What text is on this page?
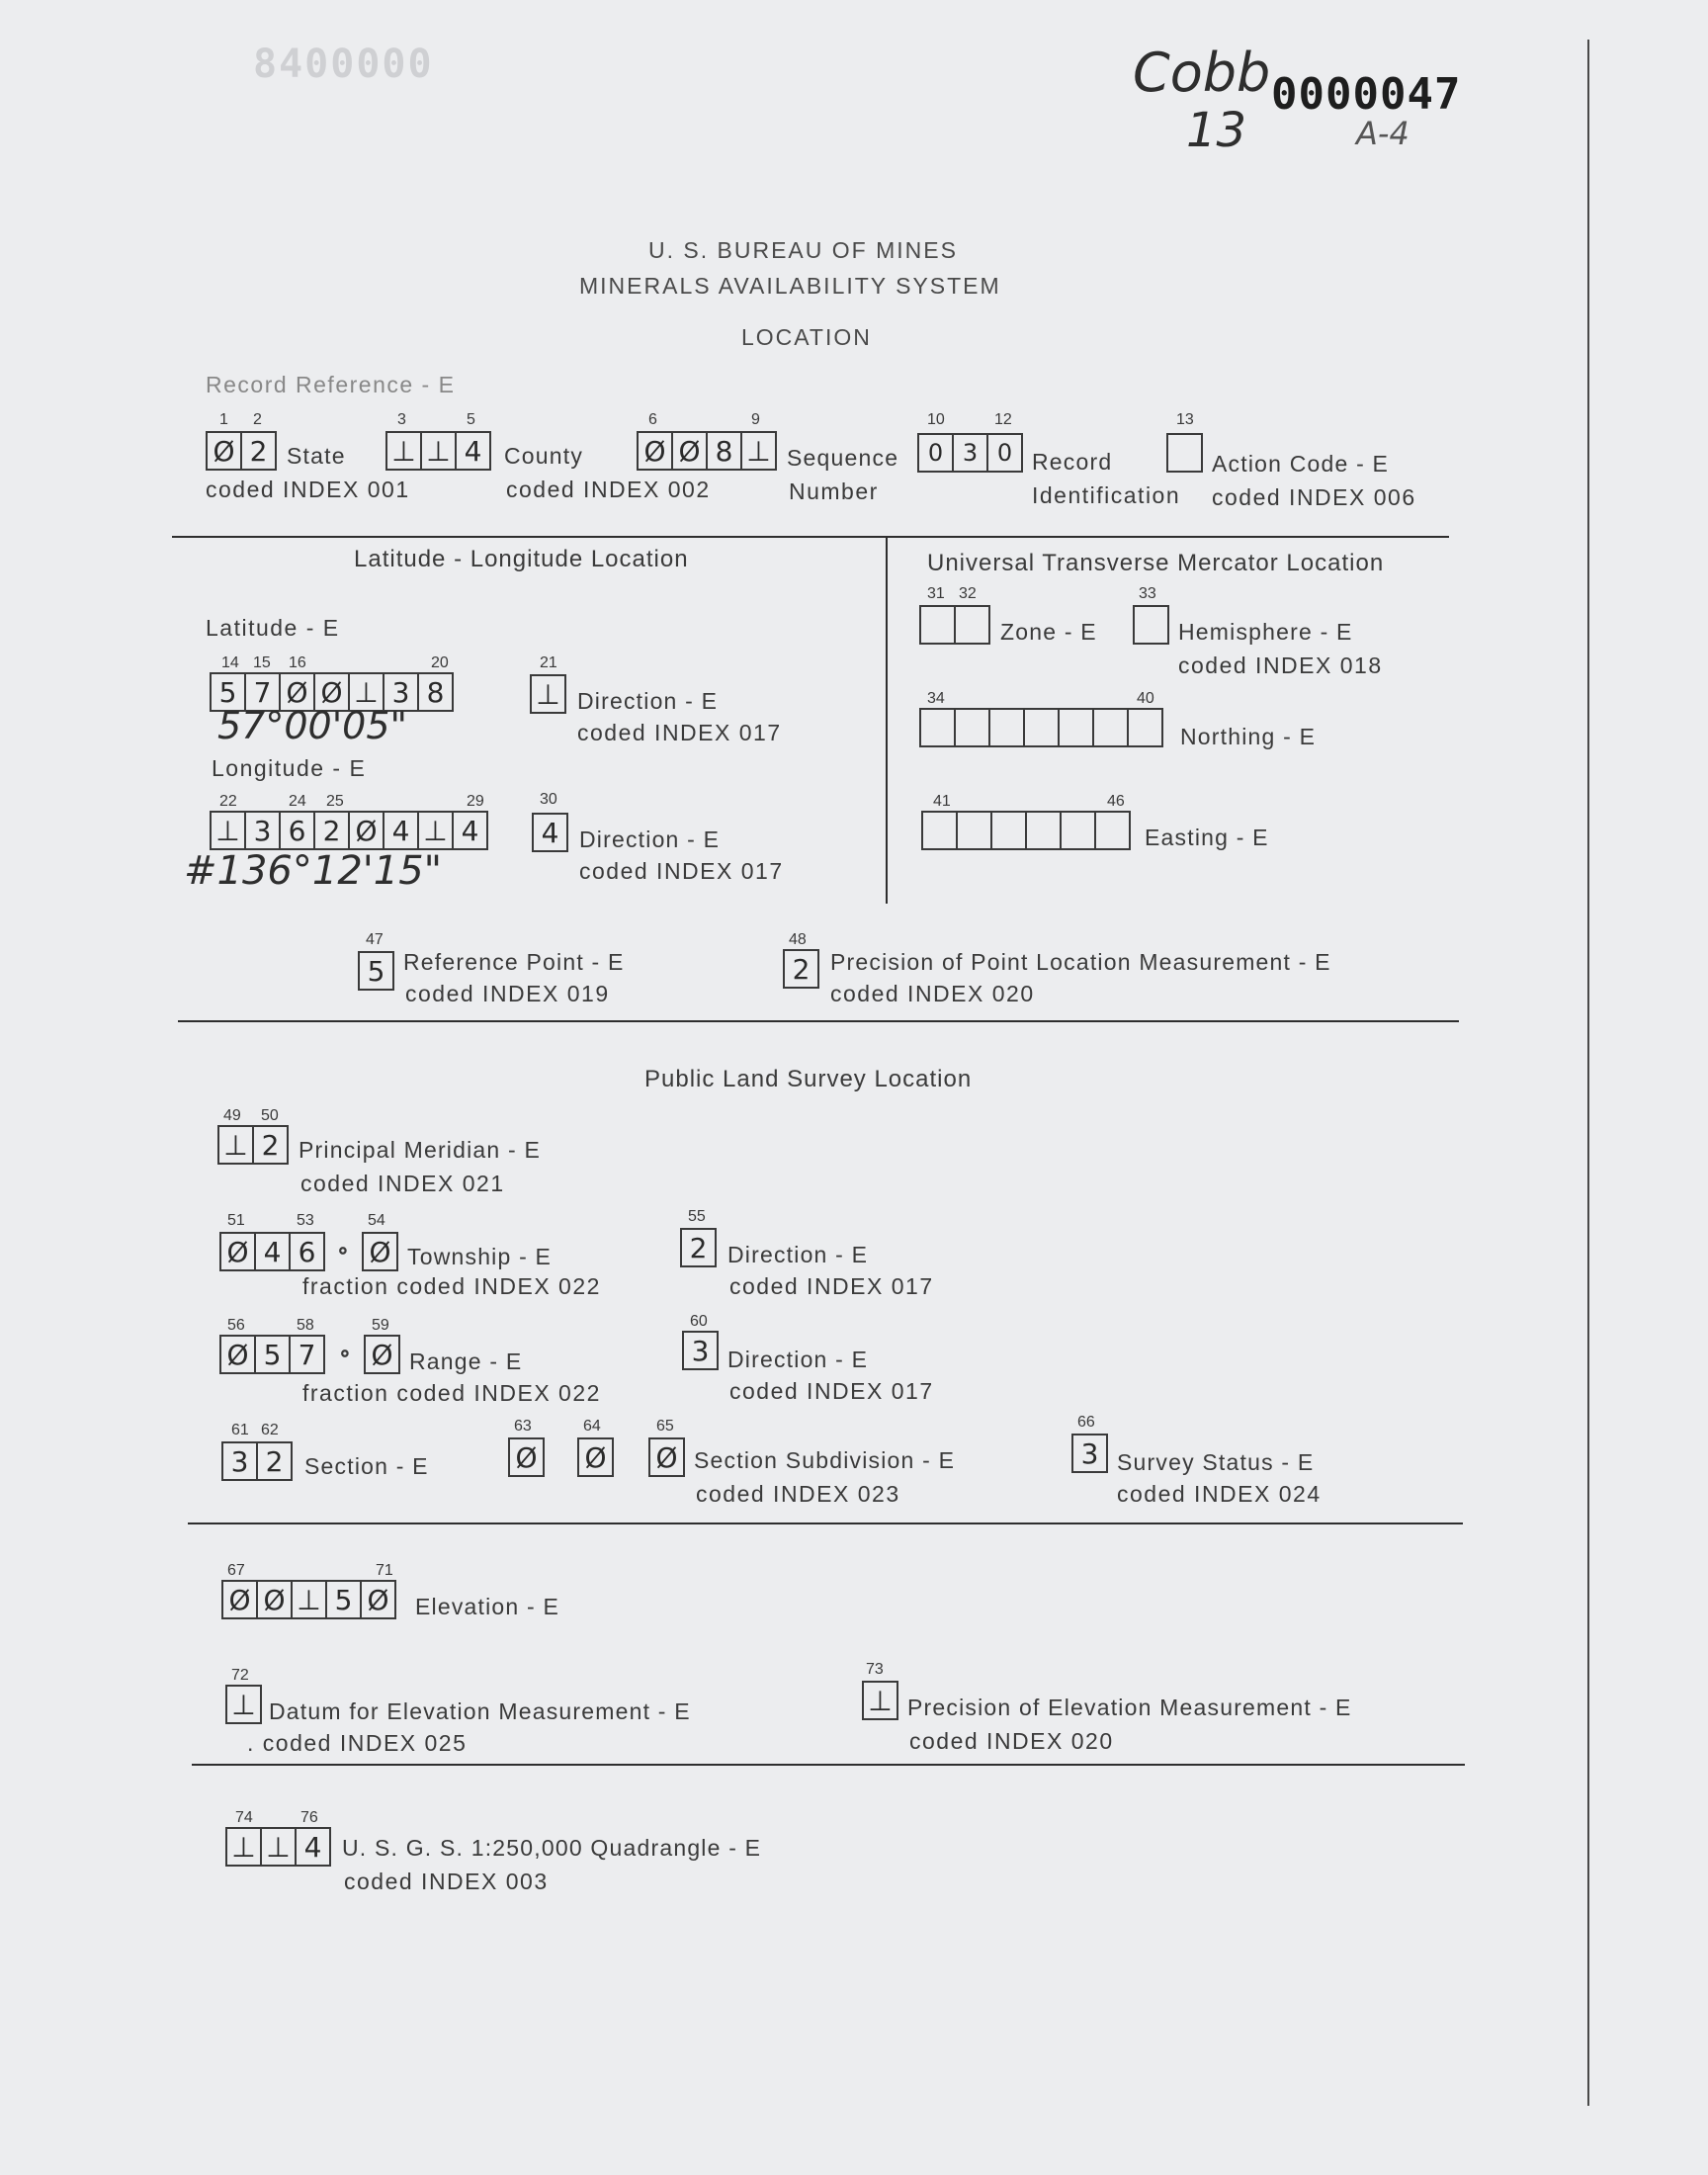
8400000	Cobb 0000047
13	A-4
U. S. BUREAU OF MINES
MINERALS AVAILABILITY SYSTEM
LOCATION
Record Reference - E
1 2
Ø 2 State
coded INDEX 001
3	5
⊥ ⊥ 4 County
coded INDEX 002
6	9
Ø Ø 8 ⊥ Sequence
Number
10	12
0 3 0 Record
Identification
13
Action Code - E
coded INDEX 006
Latitude - Longitude Location
Latitude - E
14 15 16	20
5 7 Ø Ø ⊥ 3 8
57°00'05"
21
⊥ Direction - E
coded INDEX 017
Longitude - E
22	24 25	29
⊥ 3 6 2 Ø 4 ⊥ 4
#136°12'15"
30
4 Direction - E
coded INDEX 017
Universal Transverse Mercator Location
31 32
Zone - E
33
Hemisphere - E
coded INDEX 018
34	40
Northing - E
41	46
Easting - E
47
5 Reference Point - E
coded INDEX 019
48
2 Precision of Point Location Measurement - E
coded INDEX 020
Public Land Survey Location
49 50
⊥ 2 Principal Meridian - E
coded INDEX 021
51	53	54
Ø 4 6 ∘ Ø Township - E
fraction coded INDEX 022
55
2 Direction - E
coded INDEX 017
56	58	59
Ø 5 7	∘ Ø Range - E
fraction coded INDEX 022
60
3 Direction - E
coded INDEX 017
61 62
3 2 Section - E
63	64	65
Ø Ø Ø Section Subdivision - E
coded INDEX 023
66
3 Survey Status - E
coded INDEX 024
67	71
Ø Ø ⊥ 5 Ø	Elevation - E
72
⊥ Datum for Elevation Measurement - E
. coded INDEX 025
73
⊥ Precision of Elevation Measurement - E
coded INDEX 020
74	76
⊥ ⊥ 4 U. S. G. S. 1:250,000 Quadrangle - E
coded INDEX 003
